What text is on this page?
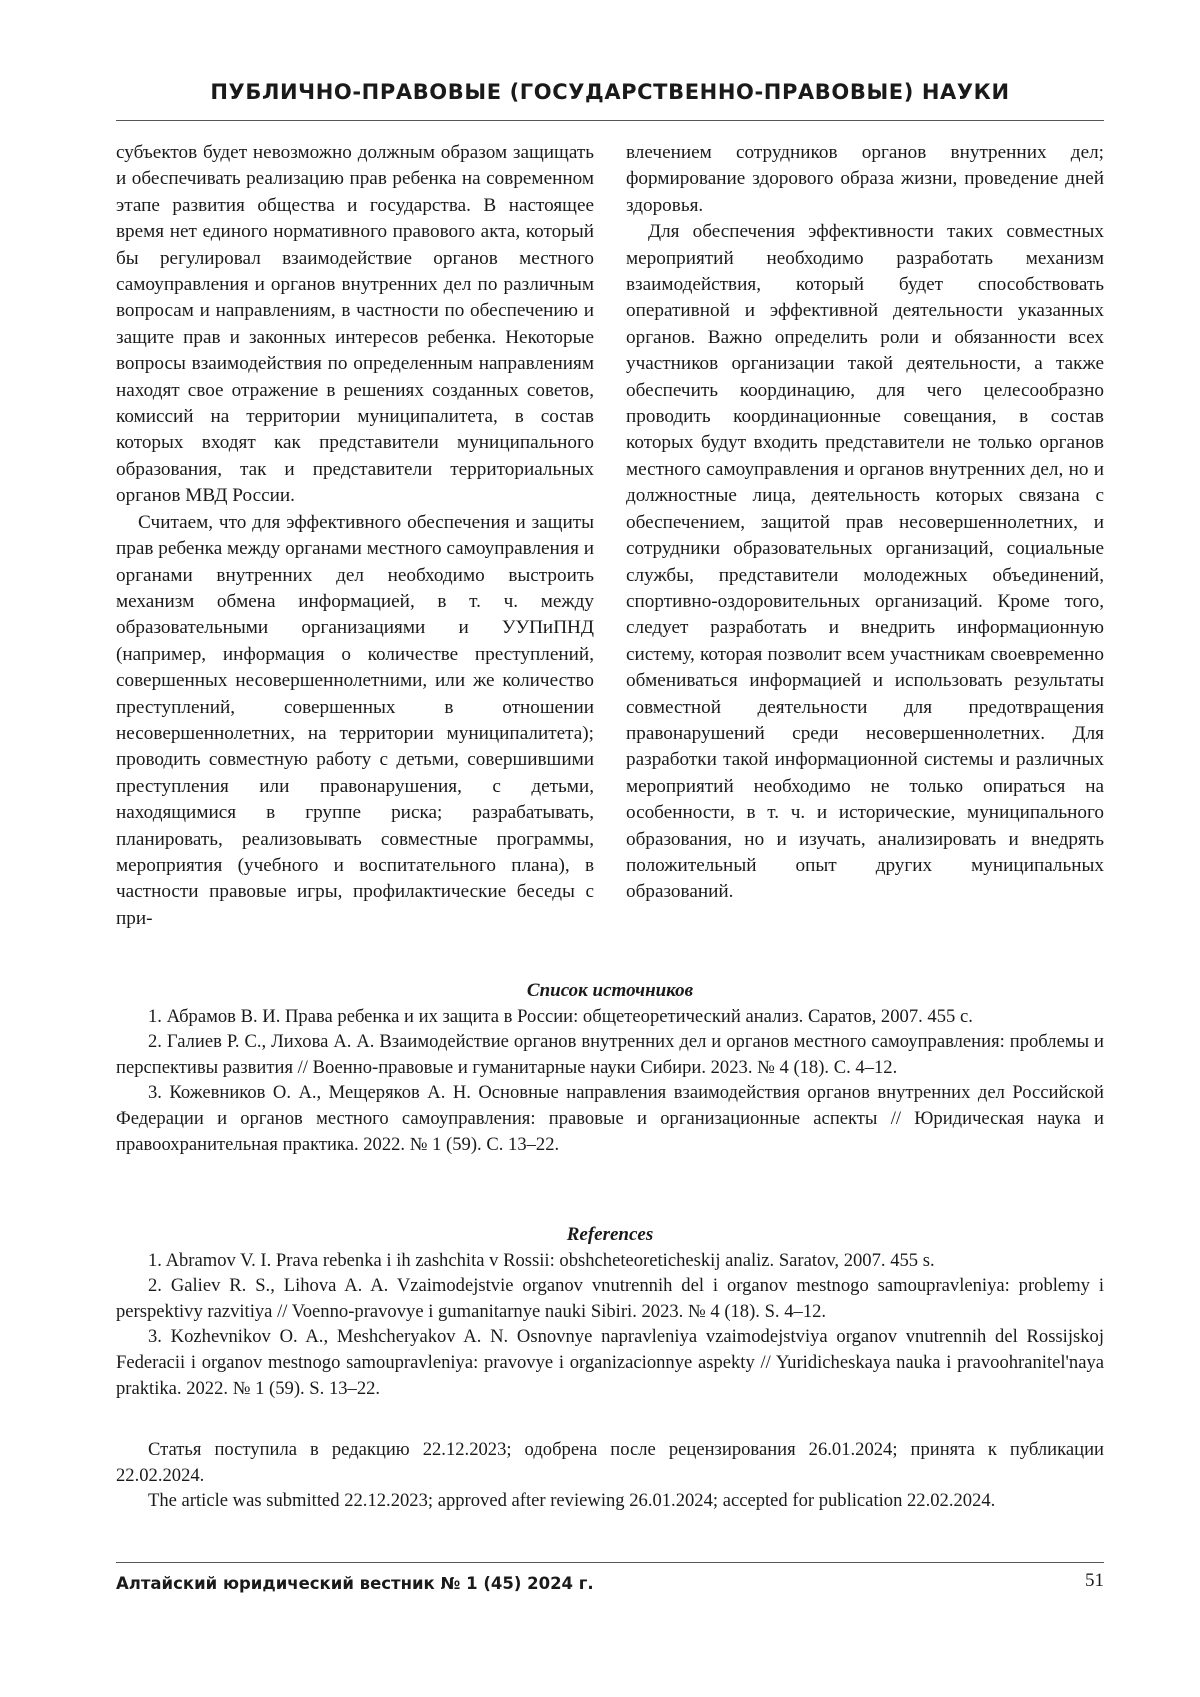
ПУБЛИЧНО-ПРАВОВЫЕ (ГОСУДАРСТВЕННО-ПРАВОВЫЕ) НАУКИ

субъектов будет невозможно должным образом защищать и обеспечивать реализацию прав ребенка на современном этапе развития общества и государства. В настоящее время нет единого нормативного правового акта, который бы регулировал взаимодействие органов местного самоуправления и органов внутренних дел по различным вопросам и направлениям, в частности по обеспечению и защите прав и законных интересов ребенка. Некоторые вопросы взаимодействия по определенным направлениям находят свое отражение в решениях созданных советов, комиссий на территории муниципалитета, в состав которых входят как представители муниципального образования, так и представители территориальных органов МВД России.

Считаем, что для эффективного обеспечения и защиты прав ребенка между органами местного самоуправления и органами внутренних дел необходимо выстроить механизм обмена информацией, в т. ч. между образовательными организациями и УУПиПНД (например, информация о количестве преступлений, совершенных несовершеннолетними, или же количество преступлений, совершенных в отношении несовершеннолетних, на территории муниципалитета); проводить совместную работу с детьми, совершившими преступления или правонарушения, с детьми, находящимися в группе риска; разрабатывать, планировать, реализовывать совместные программы, мероприятия (учебного и воспитательного плана), в частности правовые игры, профилактические беседы с при-

влечением сотрудников органов внутренних дел; формирование здорового образа жизни, проведение дней здоровья.

Для обеспечения эффективности таких совместных мероприятий необходимо разработать механизм взаимодействия, который будет способствовать оперативной и эффективной деятельности указанных органов. Важно определить роли и обязанности всех участников организации такой деятельности, а также обеспечить координацию, для чего целесообразно проводить координационные совещания, в состав которых будут входить представители не только органов местного самоуправления и органов внутренних дел, но и должностные лица, деятельность которых связана с обеспечением, защитой прав несовершеннолетних, и сотрудники образовательных организаций, социальные службы, представители молодежных объединений, спортивно-оздоровительных организаций. Кроме того, следует разработать и внедрить информационную систему, которая позволит всем участникам своевременно обмениваться информацией и использовать результаты совместной деятельности для предотвращения правонарушений среди несовершеннолетних. Для разработки такой информационной системы и различных мероприятий необходимо не только опираться на особенности, в т. ч. и исторические, муниципального образования, но и изучать, анализировать и внедрять положительный опыт других муниципальных образований.

Список источников

1. Абрамов В. И. Права ребенка и их защита в России: общетеоретический анализ. Саратов, 2007. 455 с.

2. Галиев Р. С., Лихова А. А. Взаимодействие органов внутренних дел и органов местного самоуправления: проблемы и перспективы развития // Военно-правовые и гуманитарные науки Сибири. 2023. № 4 (18). С. 4–12.

3. Кожевников О. А., Мещеряков А. Н. Основные направления взаимодействия органов внутренних дел Российской Федерации и органов местного самоуправления: правовые и организационные аспекты // Юридическая наука и правоохранительная практика. 2022. № 1 (59). С. 13–22.

References

1. Abramov V. I. Prava rebenka i ih zashchita v Rossii: obshcheteoreticheskij analiz. Saratov, 2007. 455 s.

2. Galiev R. S., Lihova A. A. Vzaimodejstvie organov vnutrennih del i organov mestnogo samoupravleniya: problemy i perspektivy razvitiya // Voenno-pravovye i gumanitarnye nauki Sibiri. 2023. № 4 (18). S. 4–12.

3. Kozhevnikov O. A., Meshcheryakov A. N. Osnovnye napravleniya vzaimodejstviya organov vnutrennih del Rossijskoj Federacii i organov mestnogo samoupravleniya: pravovye i organizacionnye aspekty // Yuridicheskaya nauka i pravoohranitel'naya praktika. 2022. № 1 (59). S. 13–22.

Статья поступила в редакцию 22.12.2023; одобрена после рецензирования 26.01.2024; принята к публикации 22.02.2024.

The article was submitted 22.12.2023; approved after reviewing 26.01.2024; accepted for publication 22.02.2024.

Алтайский юридический вестник № 1 (45) 2024 г.	51
